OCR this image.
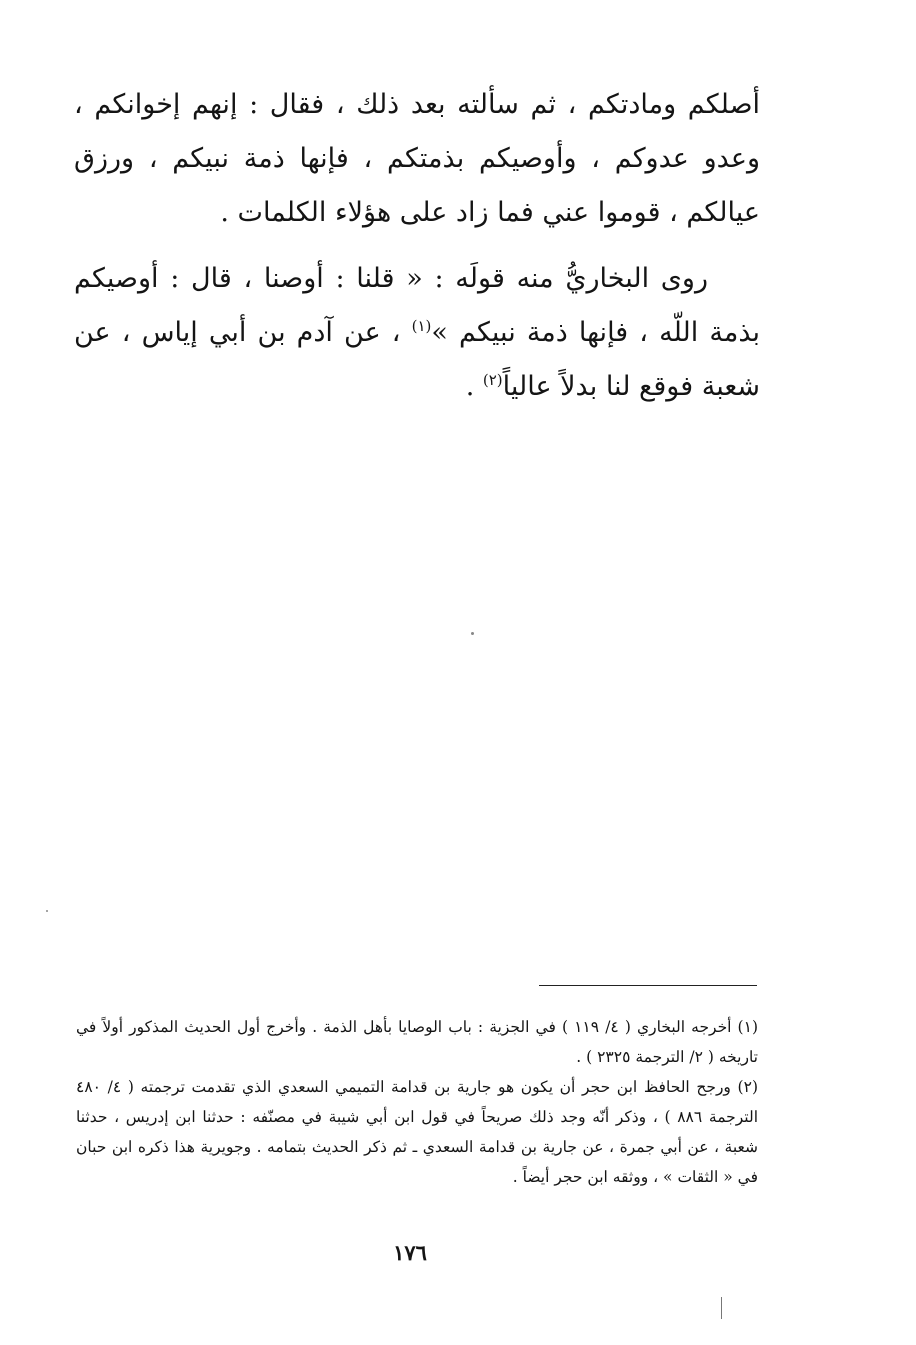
أصلكم ومادتكم ، ثم سألته بعد ذلك ، فقال : إنهم إخوانكم ، وعدو عدوكم ، وأوصيكم بذمتكم ، فإنها ذمة نبيكم ، ورزق عيالكم ، قوموا عني فما زاد على هؤلاء الكلمات .

روى البخاريُّ منه قولَه : « قلنا : أوصنا ، قال : أوصيكم بذمة اللّه ، فإنها ذمة نبيكم »$^{(١)}$ ، عن آدم بن أبي إياس ، عن شعبة فوقع لنا بدلاً عالياً$^{(٢)}$ .

(١) أخرجه البخاري ( ٤/ ١١٩ ) في الجزية : باب الوصايا بأهل الذمة . وأخرج أول الحديث المذكور أولاً في تاريخه ( ٢/ الترجمة ٢٣٢٥ ) .

(٢) ورجح الحافظ ابن حجر أن يكون هو جارية بن قدامة التميمي السعدي الذي تقدمت ترجمته ( ٤/ ٤٨٠ الترجمة ٨٨٦ ) ، وذكر أنّه وجد ذلك صريحاً في قول ابن أبي شيبة في مصنّفه : حدثنا ابن إدريس ، حدثنا شعبة ، عن أبي جمرة ، عن جارية بن قدامة السعدي ـ ثم ذكر الحديث بتمامه . وجويرية هذا ذكره ابن حبان في « الثقات » ، ووثقه ابن حجر أيضاً .

١٧٦
